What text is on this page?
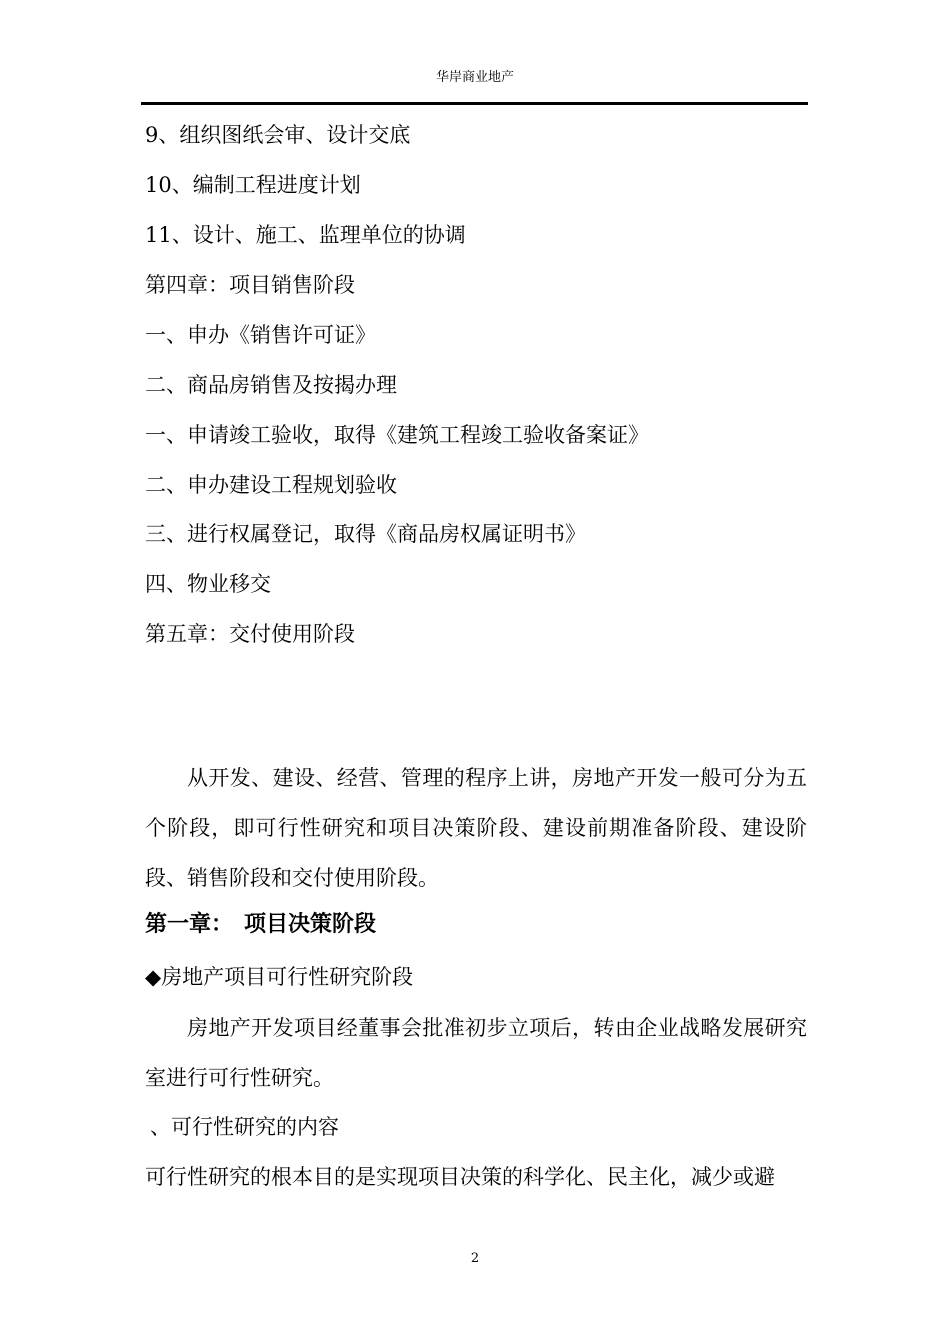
华岸商业地产
9、组织图纸会审、设计交底
10、编制工程进度计划
11、设计、施工、监理单位的协调
第四章：项目销售阶段
一、申办《销售许可证》
二、商品房销售及按揭办理
一、申请竣工验收，取得《建筑工程竣工验收备案证》
二、申办建设工程规划验收
三、进行权属登记，取得《商品房权属证明书》
四、物业移交
第五章：交付使用阶段
从开发、建设、经营、管理的程序上讲，房地产开发一般可分为五个阶段，即可行性研究和项目决策阶段、建设前期准备阶段、建设阶段、销售阶段和交付使用阶段。
第一章：　项目决策阶段
◆房地产项目可行性研究阶段
房地产开发项目经董事会批准初步立项后，转由企业战略发展研究室进行可行性研究。
、可行性研究的内容
可行性研究的根本目的是实现项目决策的科学化、民主化，减少或避
2
